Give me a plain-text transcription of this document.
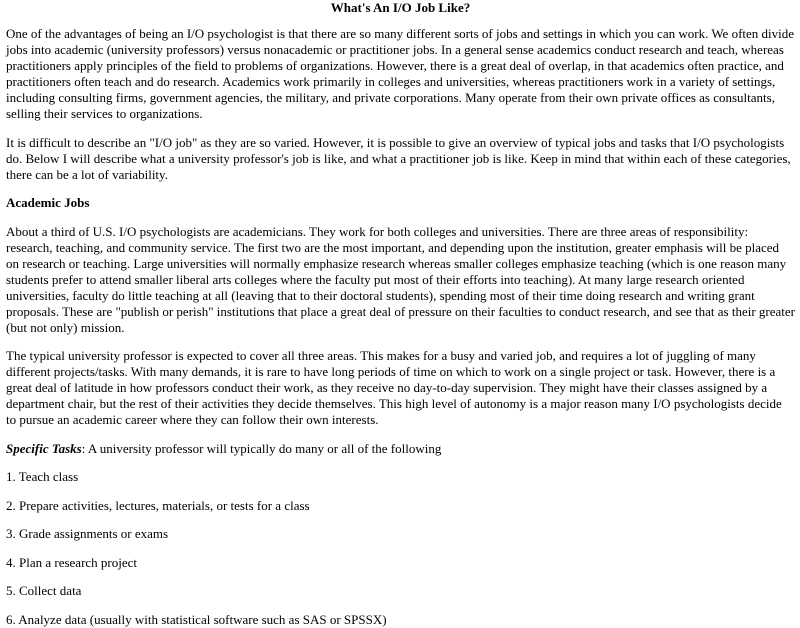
What's An I/O Job Like?

One of the advantages of being an I/O psychologist is that there are so many different sorts of jobs and settings in which you can work. We often divide jobs into academic (university professors) versus nonacademic or practitioner jobs. In a general sense academics conduct research and teach, whereas practitioners apply principles of the field to problems of organizations. However, there is a great deal of overlap, in that academics often practice, and practitioners often teach and do research. Academics work primarily in colleges and universities, whereas practitioners work in a variety of settings, including consulting firms, government agencies, the military, and private corporations. Many operate from their own private offices as consultants, selling their services to organizations.

It is difficult to describe an "I/O job" as they are so varied. However, it is possible to give an overview of typical jobs and tasks that I/O psychologists do. Below I will describe what a university professor's job is like, and what a practitioner job is like. Keep in mind that within each of these categories, there can be a lot of variability.

Academic Jobs

About a third of U.S. I/O psychologists are academicians. They work for both colleges and universities. There are three areas of responsibility: research, teaching, and community service. The first two are the most important, and depending upon the institution, greater emphasis will be placed on research or teaching. Large universities will normally emphasize research whereas smaller colleges emphasize teaching (which is one reason many students prefer to attend smaller liberal arts colleges where the faculty put most of their efforts into teaching). At many large research oriented universities, faculty do little teaching at all (leaving that to their doctoral students), spending most of their time doing research and writing grant proposals. These are "publish or perish" institutions that place a great deal of pressure on their faculties to conduct research, and see that as their greater (but not only) mission.

The typical university professor is expected to cover all three areas. This makes for a busy and varied job, and requires a lot of juggling of many different projects/tasks. With many demands, it is rare to have long periods of time on which to work on a single project or task. However, there is a great deal of latitude in how professors conduct their work, as they receive no day-to-day supervision. They might have their classes assigned by a department chair, but the rest of their activities they decide themselves. This high level of autonomy is a major reason many I/O psychologists decide to pursue an academic career where they can follow their own interests.

Specific Tasks: A university professor will typically do many or all of the following

1. Teach class

2. Prepare activities, lectures, materials, or tests for a class

3. Grade assignments or exams

4. Plan a research project

5. Collect data

6. Analyze data (usually with statistical software such as SAS or SPSSX)
